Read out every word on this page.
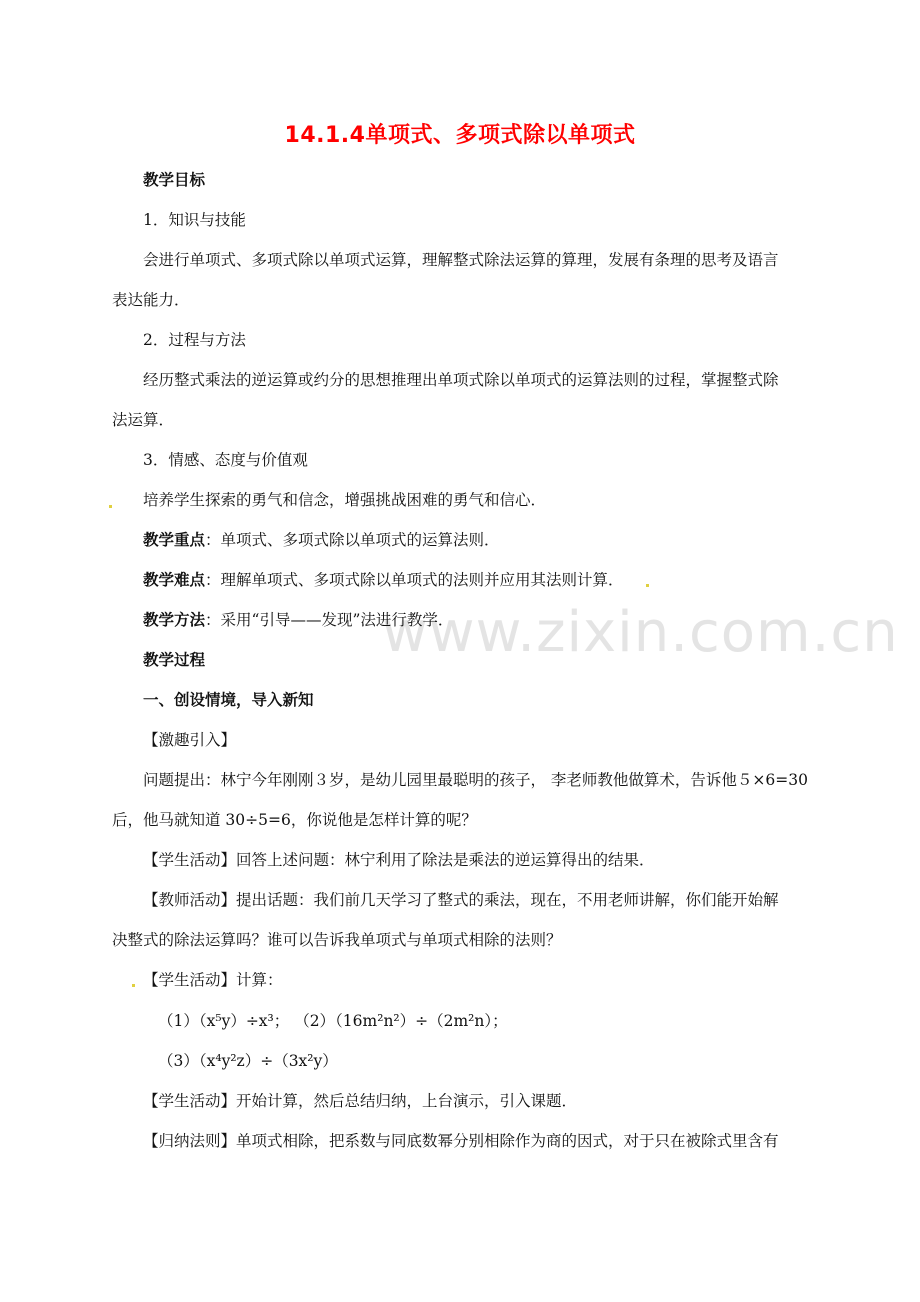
www.zixin.com.cn
14.1.4单项式、多项式除以单项式
教学目标
1．知识与技能
会进行单项式、多项式除以单项式运算，理解整式除法运算的算理，发展有条理的思考及语言
表达能力．
2．过程与方法
经历整式乘法的逆运算或约分的思想推理出单项式除以单项式的运算法则的过程，掌握整式除
法运算．
3．情感、态度与价值观
培养学生探索的勇气和信念，增强挑战困难的勇气和信心．
教学重点：单项式、多项式除以单项式的运算法则．
教学难点：理解单项式、多项式除以单项式的法则并应用其法则计算．
教学方法：采用“引导——发现”法进行教学．
教学过程
一、创设情境，导入新知
【激趣引入】
问题提出：林宁今年刚刚３岁，是幼儿园里最聪明的孩子， 李老师教他做算术，告诉他５×6=30
后，他马就知道 30÷5=6，你说他是怎样计算的呢？
【学生活动】回答上述问题：林宁利用了除法是乘法的逆运算得出的结果．
【教师活动】提出话题：我们前几天学习了整式的乘法，现在，不用老师讲解，你们能开始解
决整式的除法运算吗？谁可以告诉我单项式与单项式相除的法则？
【学生活动】计算：
（1）（x⁵y）÷x³； （2）（16m²n²）÷（2m²n）；
（3）（x⁴y²z）÷（3x²y）
【学生活动】开始计算，然后总结归纳，上台演示，引入课题．
【归纳法则】单项式相除，把系数与同底数幂分别相除作为商的因式，对于只在被除式里含有
